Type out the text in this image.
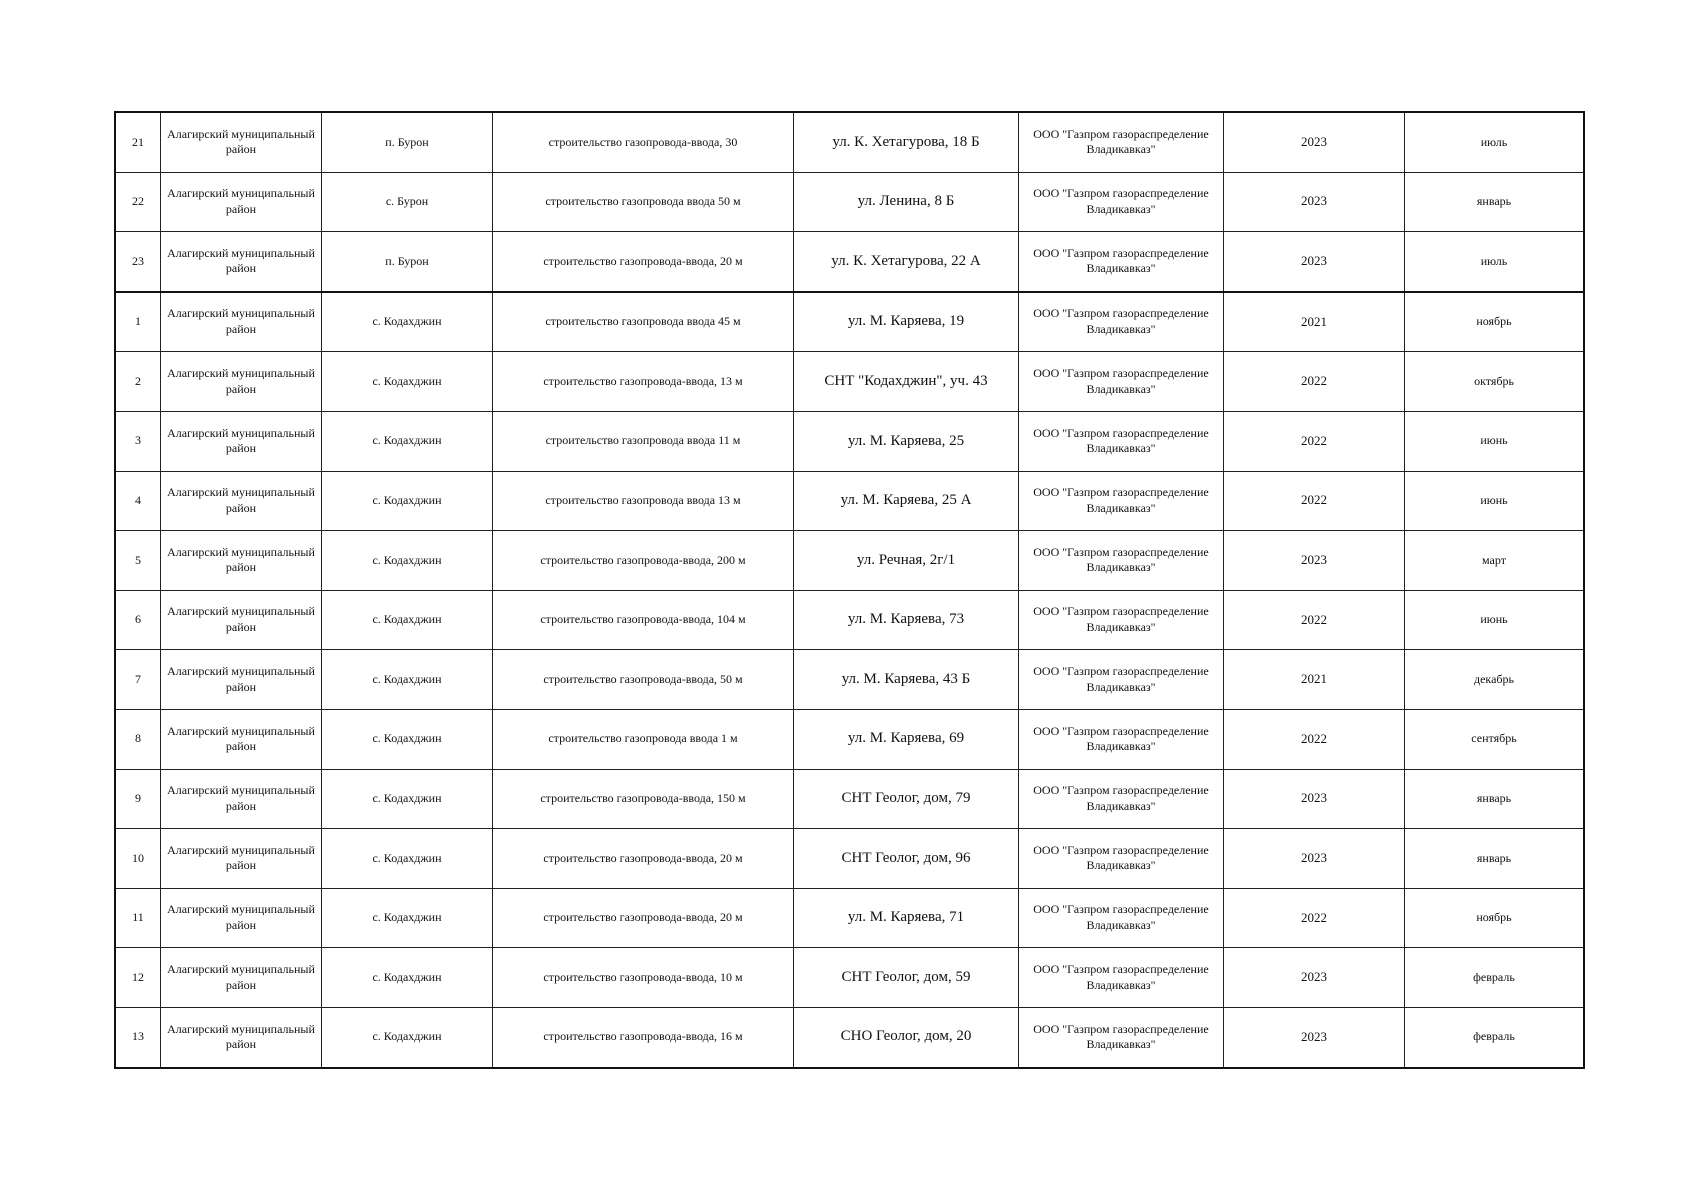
21	Алагирский муниципальный район	п. Бурон	строительство газопровода-ввода, 30	ул. К. Хетагурова, 18 Б	ООО "Газпром газораспределение Владикавказ"	2023	июль

22	Алагирский муниципальный район	с. Бурон	строительство газопровода ввода 50 м	ул. Ленина, 8 Б	ООО "Газпром газораспределение Владикавказ"	2023	январь

23	Алагирский муниципальный район	п. Бурон	строительство газопровода-ввода, 20 м	ул. К. Хетагурова, 22 А	ООО "Газпром газораспределение Владикавказ"	2023	июль

1	Алагирский муниципальный район	с. Кодахджин	строительство газопровода ввода 45 м	ул. М. Каряева, 19	ООО "Газпром газораспределение Владикавказ"	2021	ноябрь

2	Алагирский муниципальный район	с. Кодахджин	строительство газопровода-ввода, 13 м	СНТ "Кодахджин", уч. 43	ООО "Газпром газораспределение Владикавказ"	2022	октябрь

3	Алагирский муниципальный район	с. Кодахджин	строительство газопровода ввода 11 м	ул. М. Каряева, 25	ООО "Газпром газораспределение Владикавказ"	2022	июнь

4	Алагирский муниципальный район	с. Кодахджин	строительство газопровода ввода 13 м	ул. М. Каряева, 25 А	ООО "Газпром газораспределение Владикавказ"	2022	июнь

5	Алагирский муниципальный район	с. Кодахджин	строительство газопровода-ввода, 200 м	ул. Речная, 2г/1	ООО "Газпром газораспределение Владикавказ"	2023	март

6	Алагирский муниципальный район	с. Кодахджин	строительство газопровода-ввода, 104 м	ул. М. Каряева, 73	ООО "Газпром газораспределение Владикавказ"	2022	июнь

7	Алагирский муниципальный район	с. Кодахджин	строительство газопровода-ввода, 50 м	ул. М. Каряева, 43 Б	ООО "Газпром газораспределение Владикавказ"	2021	декабрь

8	Алагирский муниципальный район	с. Кодахджин	строительство газопровода ввода 1 м	ул. М. Каряева, 69	ООО "Газпром газораспределение Владикавказ"	2022	сентябрь

9	Алагирский муниципальный район	с. Кодахджин	строительство газопровода-ввода, 150 м	СНТ Геолог, дом, 79	ООО "Газпром газораспределение Владикавказ"	2023	январь

10	Алагирский муниципальный район	с. Кодахджин	строительство газопровода-ввода, 20 м	СНТ Геолог, дом, 96	ООО "Газпром газораспределение Владикавказ"	2023	январь

11	Алагирский муниципальный район	с. Кодахджин	строительство газопровода-ввода, 20 м	ул. М. Каряева, 71	ООО "Газпром газораспределение Владикавказ"	2022	ноябрь

12	Алагирский муниципальный район	с. Кодахджин	строительство газопровода-ввода, 10 м	СНТ Геолог, дом, 59	ООО "Газпром газораспределение Владикавказ"	2023	февраль

13	Алагирский муниципальный район	с. Кодахджин	строительство газопровода-ввода, 16 м	СНО Геолог, дом, 20	ООО "Газпром газораспределение Владикавказ"	2023	февраль
